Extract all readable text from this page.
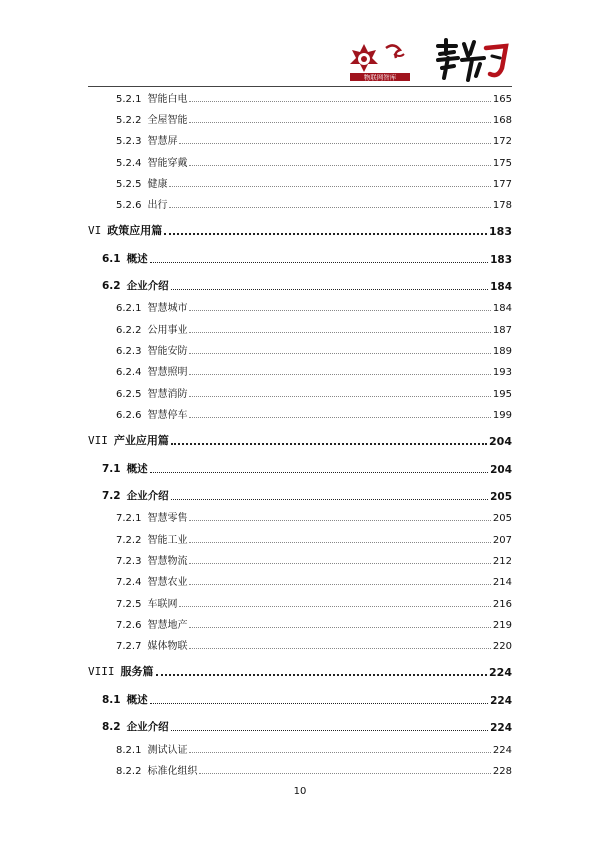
物联网智库
5.2.1 智能白电	165
5.2.2 全屋智能	168
5.2.3 智慧屏	172
5.2.4 智能穿戴	175
5.2.5 健康	177
5.2.6 出行	178
VI 政策应用篇	183
6.1 概述	183
6.2 企业介绍	184
6.2.1 智慧城市	184
6.2.2 公用事业	187
6.2.3 智能安防	189
6.2.4 智慧照明	193
6.2.5 智慧消防	195
6.2.6 智慧停车	199
VII 产业应用篇	204
7.1 概述	204
7.2 企业介绍	205
7.2.1 智慧零售	205
7.2.2 智能工业	207
7.2.3 智慧物流	212
7.2.4 智慧农业	214
7.2.5 车联网	216
7.2.6 智慧地产	219
7.2.7 媒体物联	220
VIII 服务篇	224
8.1 概述	224
8.2 企业介绍	224
8.2.1 测试认证	224
8.2.2 标准化组织	228
10
